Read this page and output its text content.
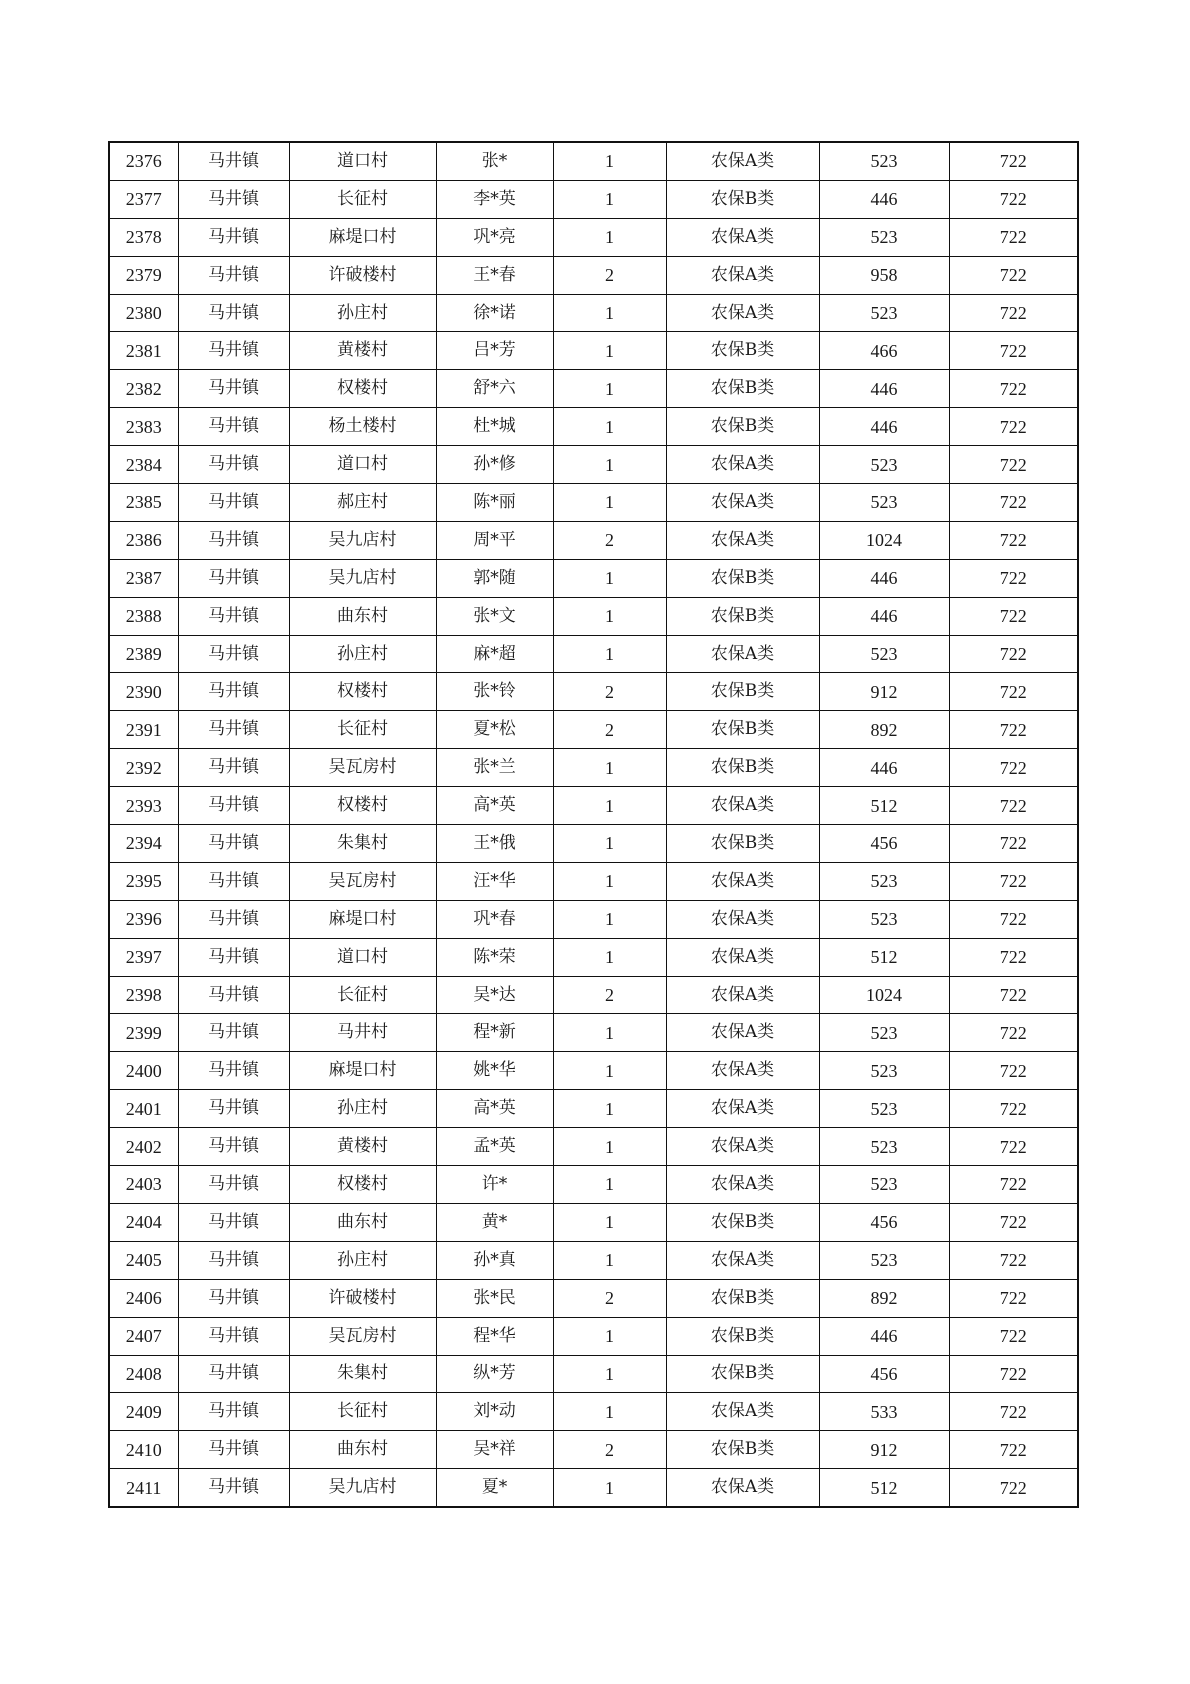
2376	马井镇	道口村	张*	1	农保A类	523	722
2377	马井镇	长征村	李*英	1	农保B类	446	722
2378	马井镇	麻堤口村	巩*亮	1	农保A类	523	722
2379	马井镇	许破楼村	王*春	2	农保A类	958	722
2380	马井镇	孙庄村	徐*诺	1	农保A类	523	722
2381	马井镇	黄楼村	吕*芳	1	农保B类	466	722
2382	马井镇	权楼村	舒*六	1	农保B类	446	722
2383	马井镇	杨土楼村	杜*城	1	农保B类	446	722
2384	马井镇	道口村	孙*修	1	农保A类	523	722
2385	马井镇	郝庄村	陈*丽	1	农保A类	523	722
2386	马井镇	吴九店村	周*平	2	农保A类	1024	722
2387	马井镇	吴九店村	郭*随	1	农保B类	446	722
2388	马井镇	曲东村	张*文	1	农保B类	446	722
2389	马井镇	孙庄村	麻*超	1	农保A类	523	722
2390	马井镇	权楼村	张*铃	2	农保B类	912	722
2391	马井镇	长征村	夏*松	2	农保B类	892	722
2392	马井镇	吴瓦房村	张*兰	1	农保B类	446	722
2393	马井镇	权楼村	高*英	1	农保A类	512	722
2394	马井镇	朱集村	王*俄	1	农保B类	456	722
2395	马井镇	吴瓦房村	汪*华	1	农保A类	523	722
2396	马井镇	麻堤口村	巩*春	1	农保A类	523	722
2397	马井镇	道口村	陈*荣	1	农保A类	512	722
2398	马井镇	长征村	吴*达	2	农保A类	1024	722
2399	马井镇	马井村	程*新	1	农保A类	523	722
2400	马井镇	麻堤口村	姚*华	1	农保A类	523	722
2401	马井镇	孙庄村	高*英	1	农保A类	523	722
2402	马井镇	黄楼村	孟*英	1	农保A类	523	722
2403	马井镇	权楼村	许*	1	农保A类	523	722
2404	马井镇	曲东村	黄*	1	农保B类	456	722
2405	马井镇	孙庄村	孙*真	1	农保A类	523	722
2406	马井镇	许破楼村	张*民	2	农保B类	892	722
2407	马井镇	吴瓦房村	程*华	1	农保B类	446	722
2408	马井镇	朱集村	纵*芳	1	农保B类	456	722
2409	马井镇	长征村	刘*动	1	农保A类	533	722
2410	马井镇	曲东村	吴*祥	2	农保B类	912	722
2411	马井镇	吴九店村	夏*	1	农保A类	512	722
